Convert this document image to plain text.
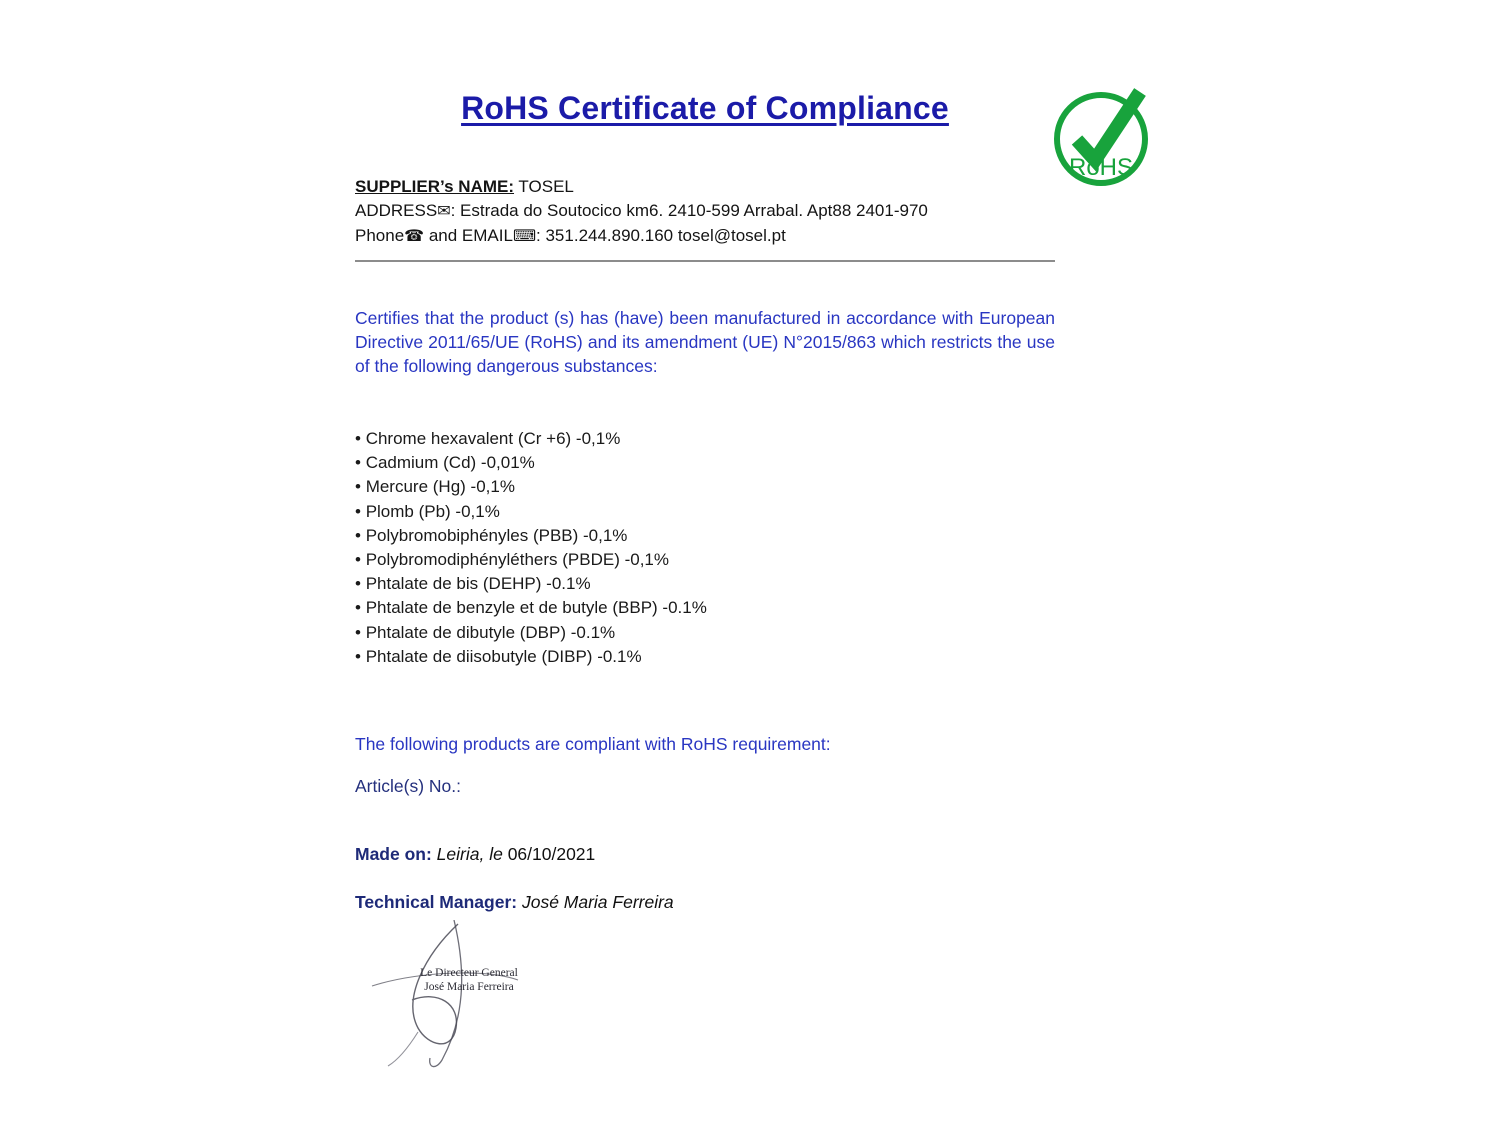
RoHS Certificate of Compliance
RoHS
SUPPLIER’s NAME: TOSEL
ADDRESS✉: Estrada do Soutocico km6. 2410-599 Arrabal. Apt88 2401-970
Phone☎ and EMAIL⌨: 351.244.890.160 tosel@tosel.pt
Certifies that the product (s) has (have) been manufactured in accordance with European Directive 2011/65/UE (RoHS) and its amendment (UE) N°2015/863 which restricts the use of the following dangerous substances:
• Chrome hexavalent (Cr +6) -0,1%
• Cadmium (Cd) -0,01%
• Mercure (Hg) -0,1%
• Plomb (Pb) -0,1%
• Polybromobiphényles (PBB) -0,1%
• Polybromodiphényléthers (PBDE) -0,1%
• Phtalate de bis (DEHP) -0.1%
• Phtalate de benzyle et de butyle (BBP) -0.1%
• Phtalate de dibutyle (DBP) -0.1%
• Phtalate de diisobutyle (DIBP) -0.1%
The following products are compliant with RoHS requirement:
Article(s) No.:
Made on: Leiria, le 06/10/2021
Technical Manager: José Maria Ferreira
Le Directeur General
José Maria Ferreira
